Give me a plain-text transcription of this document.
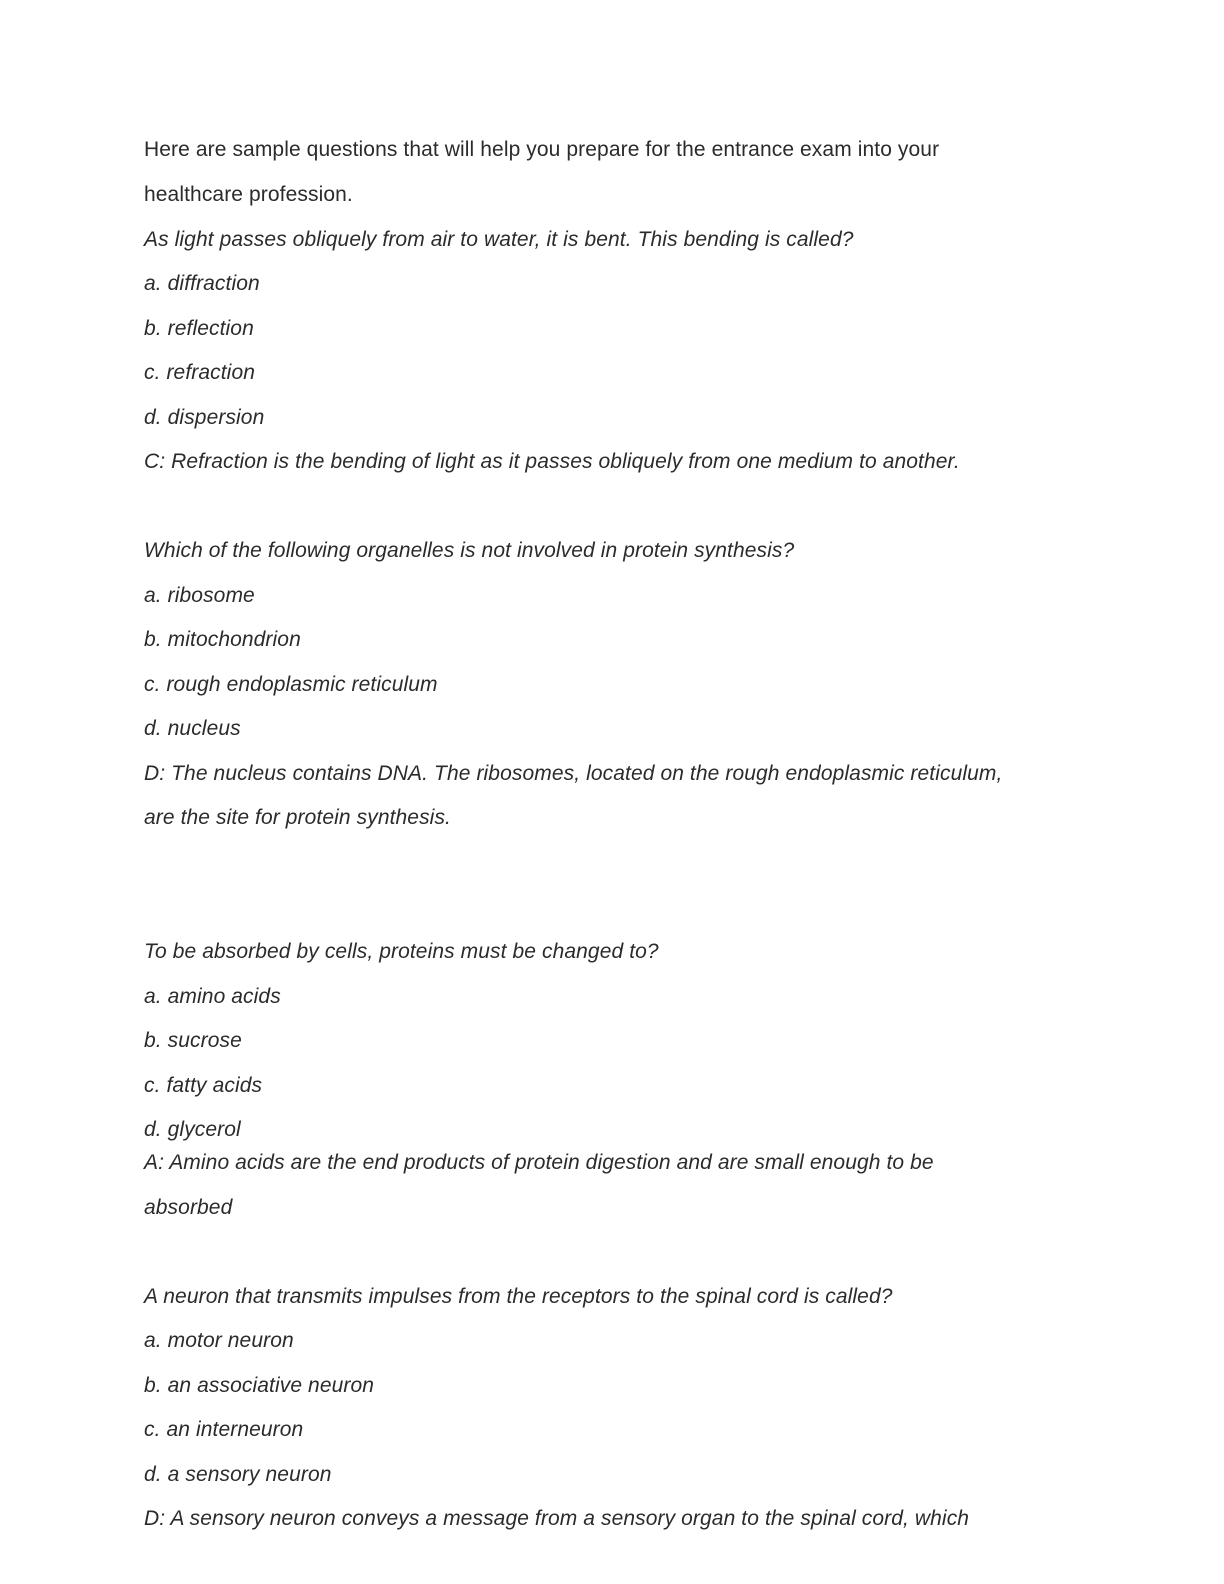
Here are sample questions that will help you prepare for the entrance exam into your
healthcare profession.
As light passes obliquely from air to water, it is bent. This bending is called?
a. diffraction
b. reflection
c. refraction
d. dispersion
C: Refraction is the bending of light as it passes obliquely from one medium to another.
Which of the following organelles is not involved in protein synthesis?
a. ribosome
b. mitochondrion
c. rough endoplasmic reticulum
d. nucleus
D: The nucleus contains DNA. The ribosomes, located on the rough endoplasmic reticulum,
are the site for protein synthesis.
To be absorbed by cells, proteins must be changed to?
a. amino acids
b. sucrose
c. fatty acids
d. glycerol
A: Amino acids are the end products of protein digestion and are small enough to be
absorbed
A neuron that transmits impulses from the receptors to the spinal cord is called?
a. motor neuron
b. an associative neuron
c. an interneuron
d. a sensory neuron
D: A sensory neuron conveys a message from a sensory organ to the spinal cord, which
